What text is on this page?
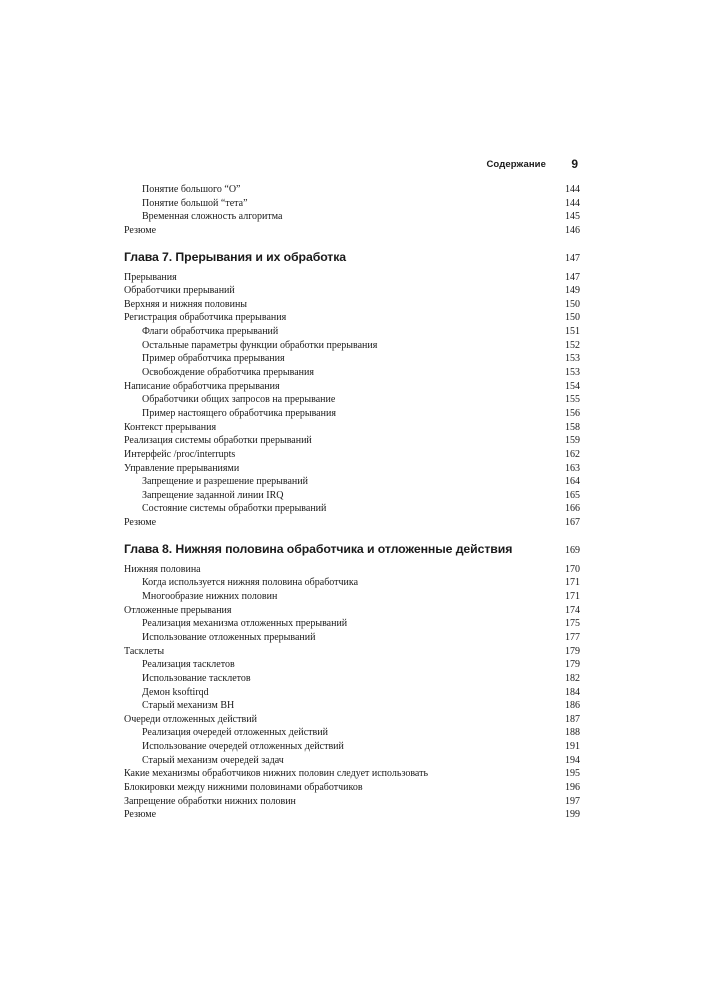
Содержание 9
Понятие большого “О”	144
Понятие большой “тета”	144
Временная сложность алгоритма	145
Резюме	146
Глава 7. Прерывания и их обработка	147
Прерывания	147
Обработчики прерываний	149
Верхняя и нижняя половины	150
Регистрация обработчика прерывания	150
Флаги обработчика прерываний	151
Остальные параметры функции обработки прерывания	152
Пример обработчика прерывания	153
Освобождение обработчика прерывания	153
Написание обработчика прерывания	154
Обработчики общих запросов на прерывание	155
Пример настоящего обработчика прерывания	156
Контекст прерывания	158
Реализация системы обработки прерываний	159
Интерфейс /proc/interrupts	162
Управление прерываниями	163
Запрещение и разрешение прерываний	164
Запрещение заданной линии IRQ	165
Состояние системы обработки прерываний	166
Резюме	167
Глава 8. Нижняя половина обработчика и отложенные действия	169
Нижняя половина	170
Когда используется нижняя половина обработчика	171
Многообразие нижних половин	171
Отложенные прерывания	174
Реализация механизма отложенных прерываний	175
Использование отложенных прерываний	177
Тасклеты	179
Реализация тасклетов	179
Использование тасклетов	182
Демон ksoftirqd	184
Старый механизм BH	186
Очереди отложенных действий	187
Реализация очередей отложенных действий	188
Использование очередей отложенных действий	191
Старый механизм очередей задач	194
Какие механизмы обработчиков нижних половин следует использовать	195
Блокировки между нижними половинами обработчиков	196
Запрещение обработки нижних половин	197
Резюме	199
